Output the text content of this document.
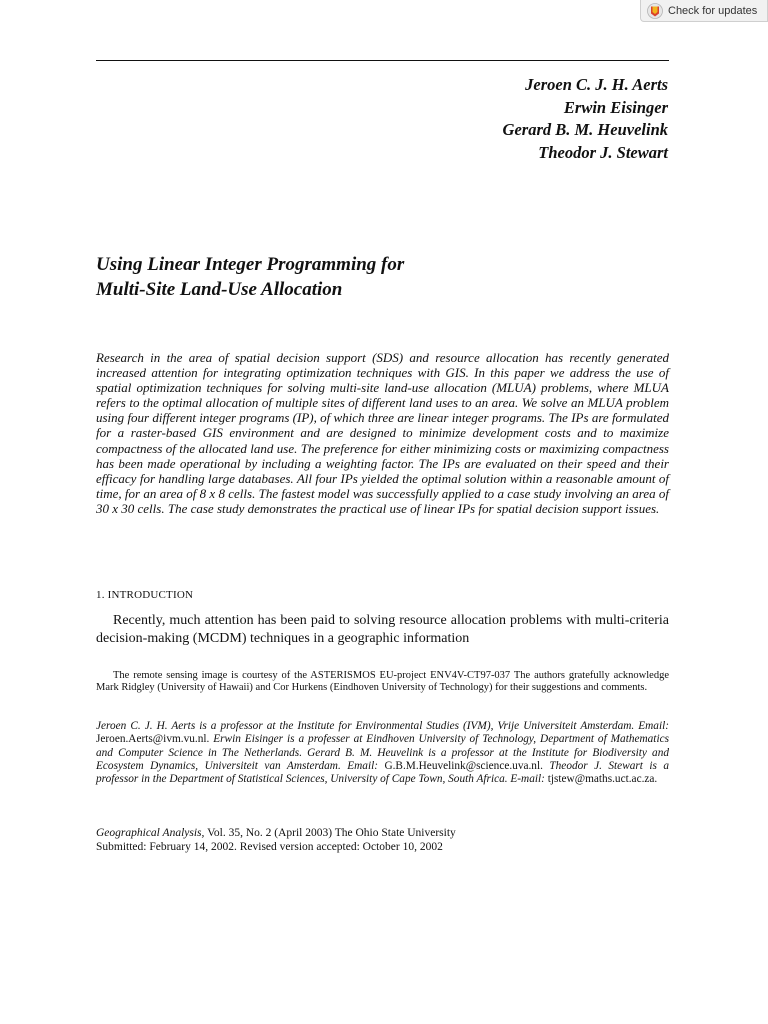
Check for updates
Jeroen C. J. H. Aerts
Erwin Eisinger
Gerard B. M. Heuvelink
Theodor J. Stewart
Using Linear Integer Programming for
Multi-Site Land-Use Allocation
Research in the area of spatial decision support (SDS) and resource allocation has recently generated increased attention for integrating optimization techniques with GIS. In this paper we address the use of spatial optimization techniques for solving multi-site land-use allocation (MLUA) problems, where MLUA refers to the optimal allocation of multiple sites of different land uses to an area. We solve an MLUA problem using four different integer programs (IP), of which three are linear integer programs. The IPs are formulated for a raster-based GIS environment and are designed to minimize development costs and to maximize compactness of the allocated land use. The preference for either minimizing costs or maximizing compactness has been made operational by including a weighting factor. The IPs are evaluated on their speed and their efficacy for handling large databases. All four IPs yielded the optimal solution within a reasonable amount of time, for an area of 8 x 8 cells. The fastest model was successfully applied to a case study involving an area of 30 x 30 cells. The case study demonstrates the practical use of linear IPs for spatial decision support issues.
1. INTRODUCTION
Recently, much attention has been paid to solving resource allocation problems with multi-criteria decision-making (MCDM) techniques in a geographic information
The remote sensing image is courtesy of the ASTERISMOS EU-project ENV4V-CT97-037 The authors gratefully acknowledge Mark Ridgley (University of Hawaii) and Cor Hurkens (Eindhoven University of Technology) for their suggestions and comments.
Jeroen C. J. H. Aerts is a professor at the Institute for Environmental Studies (IVM), Vrije Universiteit Amsterdam. Email: Jeroen.Aerts@ivm.vu.nl. Erwin Eisinger is a professer at Eindhoven University of Technology, Department of Mathematics and Computer Science in The Netherlands. Gerard B. M. Heuvelink is a professor at the Institute for Biodiversity and Ecosystem Dynamics, Universiteit van Amsterdam. Email: G.B.M.Heuvelink@science.uva.nl. Theodor J. Stewart is a professor in the Department of Statistical Sciences, University of Cape Town, South Africa. E-mail: tjstew@maths.uct.ac.za.
Geographical Analysis, Vol. 35, No. 2 (April 2003) The Ohio State University
Submitted: February 14, 2002. Revised version accepted: October 10, 2002
